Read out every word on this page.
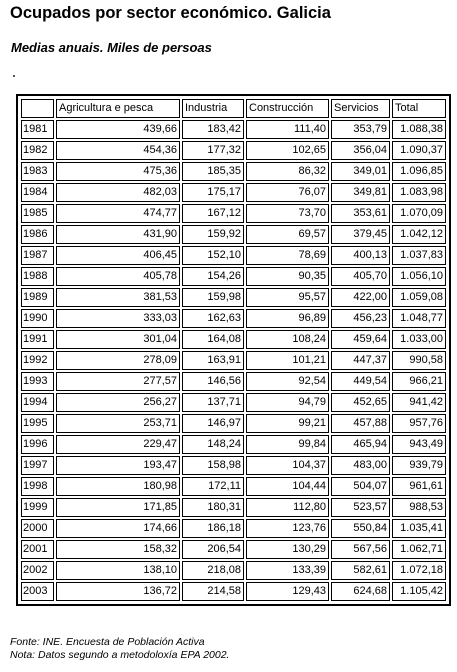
Ocupados por sector económico. Galicia
Medias anuais. Miles de persoas
	Agricultura e pesca	Industria	Construcción	Servicios	Total
1981	439,66	183,42	111,40	353,79	1.088,38
1982	454,36	177,32	102,65	356,04	1.090,37
1983	475,36	185,35	86,32	349,01	1.096,85
1984	482,03	175,17	76,07	349,81	1.083,98
1985	474,77	167,12	73,70	353,61	1.070,09
1986	431,90	159,92	69,57	379,45	1.042,12
1987	406,45	152,10	78,69	400,13	1.037,83
1988	405,78	154,26	90,35	405,70	1.056,10
1989	381,53	159,98	95,57	422,00	1.059,08
1990	333,03	162,63	96,89	456,23	1.048,77
1991	301,04	164,08	108,24	459,64	1.033,00
1992	278,09	163,91	101,21	447,37	990,58
1993	277,57	146,56	92,54	449,54	966,21
1994	256,27	137,71	94,79	452,65	941,42
1995	253,71	146,97	99,21	457,88	957,76
1996	229,47	148,24	99,84	465,94	943,49
1997	193,47	158,98	104,37	483,00	939,79
1998	180,98	172,11	104,44	504,07	961,61
1999	171,85	180,31	112,80	523,57	988,53
2000	174,66	186,18	123,76	550,84	1.035,41
2001	158,32	206,54	130,29	567,56	1.062,71
2002	138,10	218,08	133,39	582,61	1.072,18
2003	136,72	214,58	129,43	624,68	1.105,42
Fonte: INE. Encuesta de Población Activa
Nota: Datos segundo a metodoloxía EPA 2002.
